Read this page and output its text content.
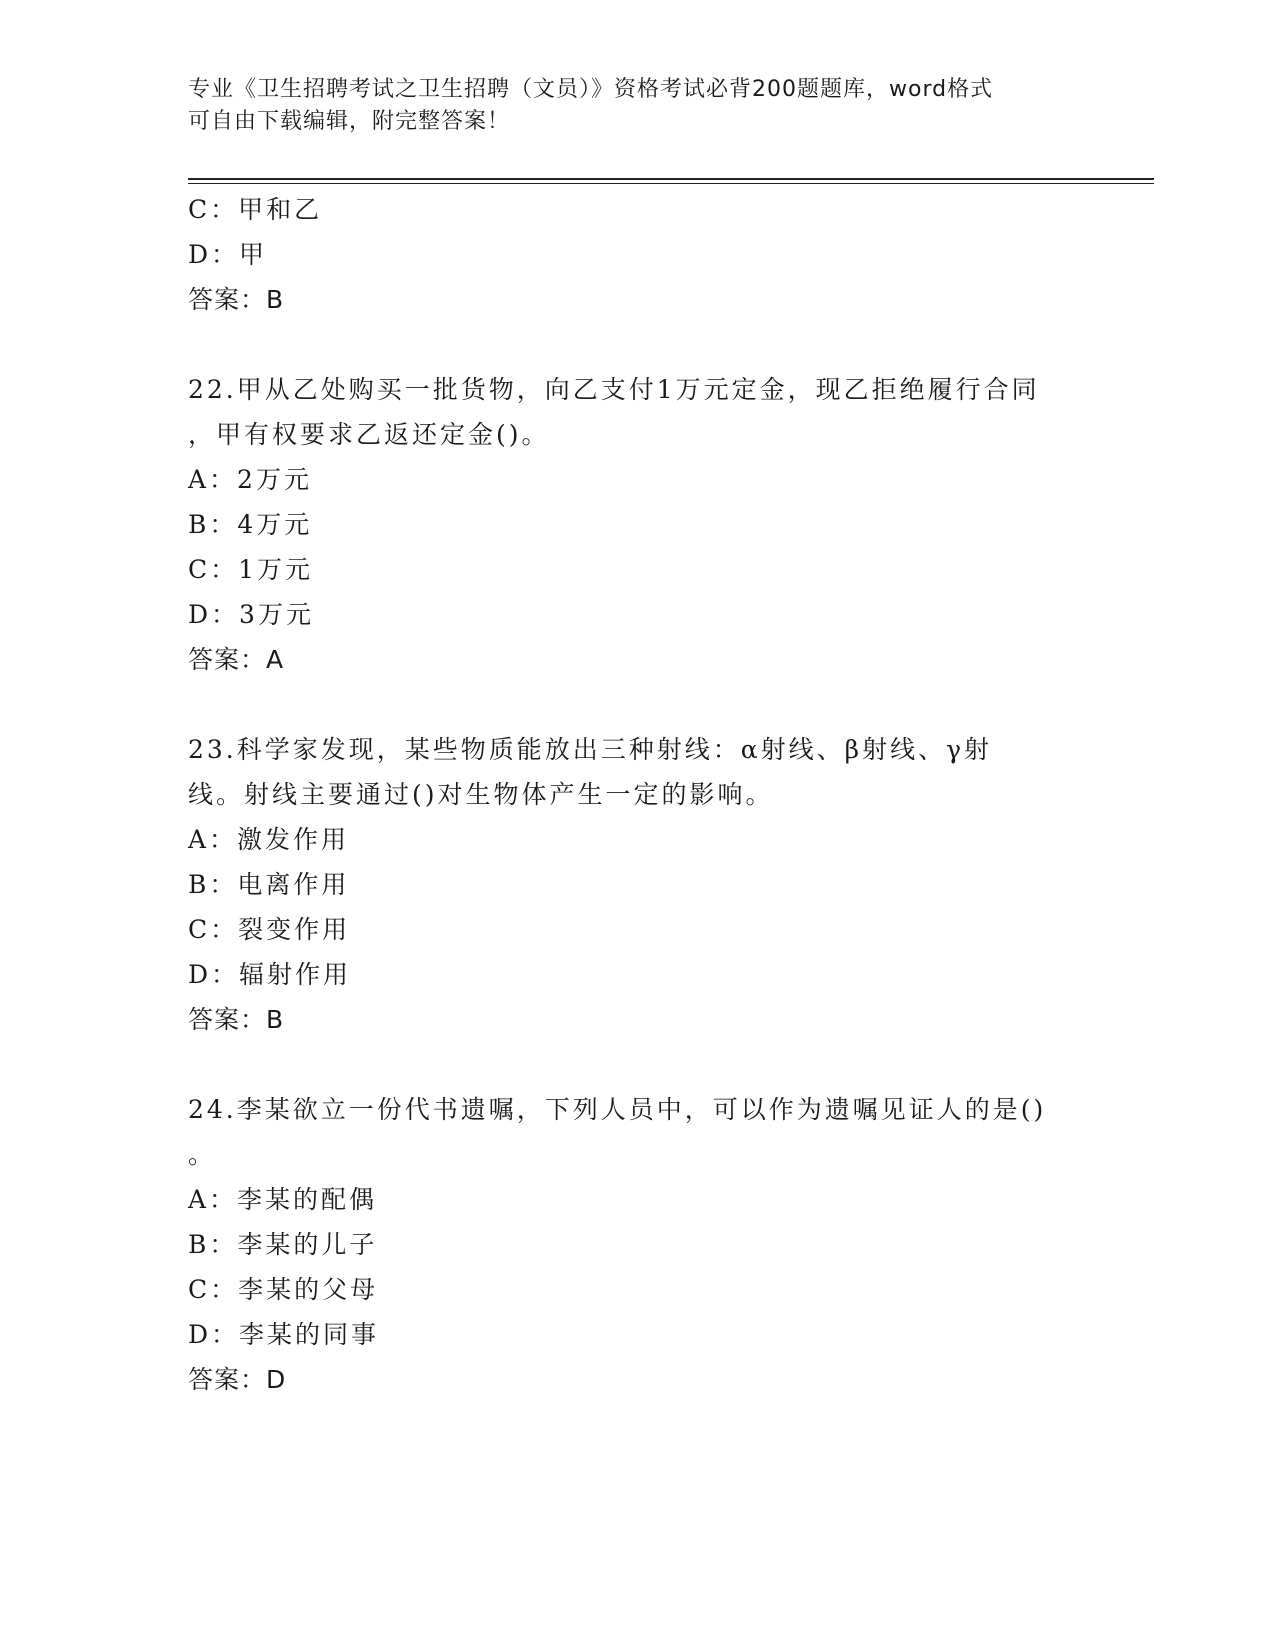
专业《卫生招聘考试之卫生招聘（文员）》资格考试必背200题题库，word格式
可自由下载编辑，附完整答案！
C：甲和乙
D：甲
答案：B
22.甲从乙处购买一批货物，向乙支付1万元定金，现乙拒绝履行合同
，甲有权要求乙返还定金()。
A：2万元
B：4万元
C：1万元
D：3万元
答案：A
23.科学家发现，某些物质能放出三种射线：α射线、β射线、γ射
线。射线主要通过()对生物体产生一定的影响。
A：激发作用
B：电离作用
C：裂变作用
D：辐射作用
答案：B
24.李某欲立一份代书遗嘱，下列人员中，可以作为遗嘱见证人的是()
。
A：李某的配偶
B：李某的儿子
C：李某的父母
D：李某的同事
答案：D
